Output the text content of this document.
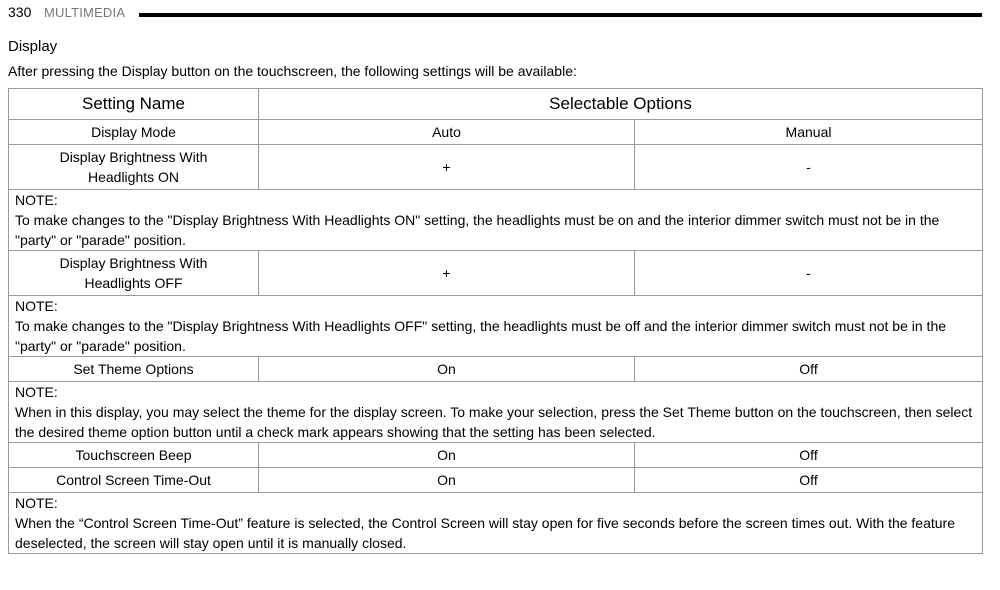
330 MULTIMEDIA
Display
After pressing the Display button on the touchscreen, the following settings will be available:
Setting Name	Selectable Options	
Display Mode	Auto	Manual
Display Brightness With
Headlights ON	+	-

NOTE:
To make changes to the "Display Brightness With Headlights ON" setting, the headlights must be on and the interior dimmer switch must not be in the "party" or "parade" position.		
Display Brightness With
Headlights OFF	+	-

NOTE:
To make changes to the "Display Brightness With Headlights OFF" setting, the headlights must be off and the interior dimmer switch must not be in the "party" or "parade" position.		
Set Theme Options	On	Off

NOTE:
When in this display, you may select the theme for the display screen. To make your selection, press the Set Theme button on the touchscreen, then select the desired theme option button until a check mark appears showing that the setting has been selected.		
Touchscreen Beep	On	Off
Control Screen Time-Out	On	Off

NOTE:
When the “Control Screen Time-Out” feature is selected, the Control Screen will stay open for five seconds before the screen times out. With the feature deselected, the screen will stay open until it is manually closed.		
